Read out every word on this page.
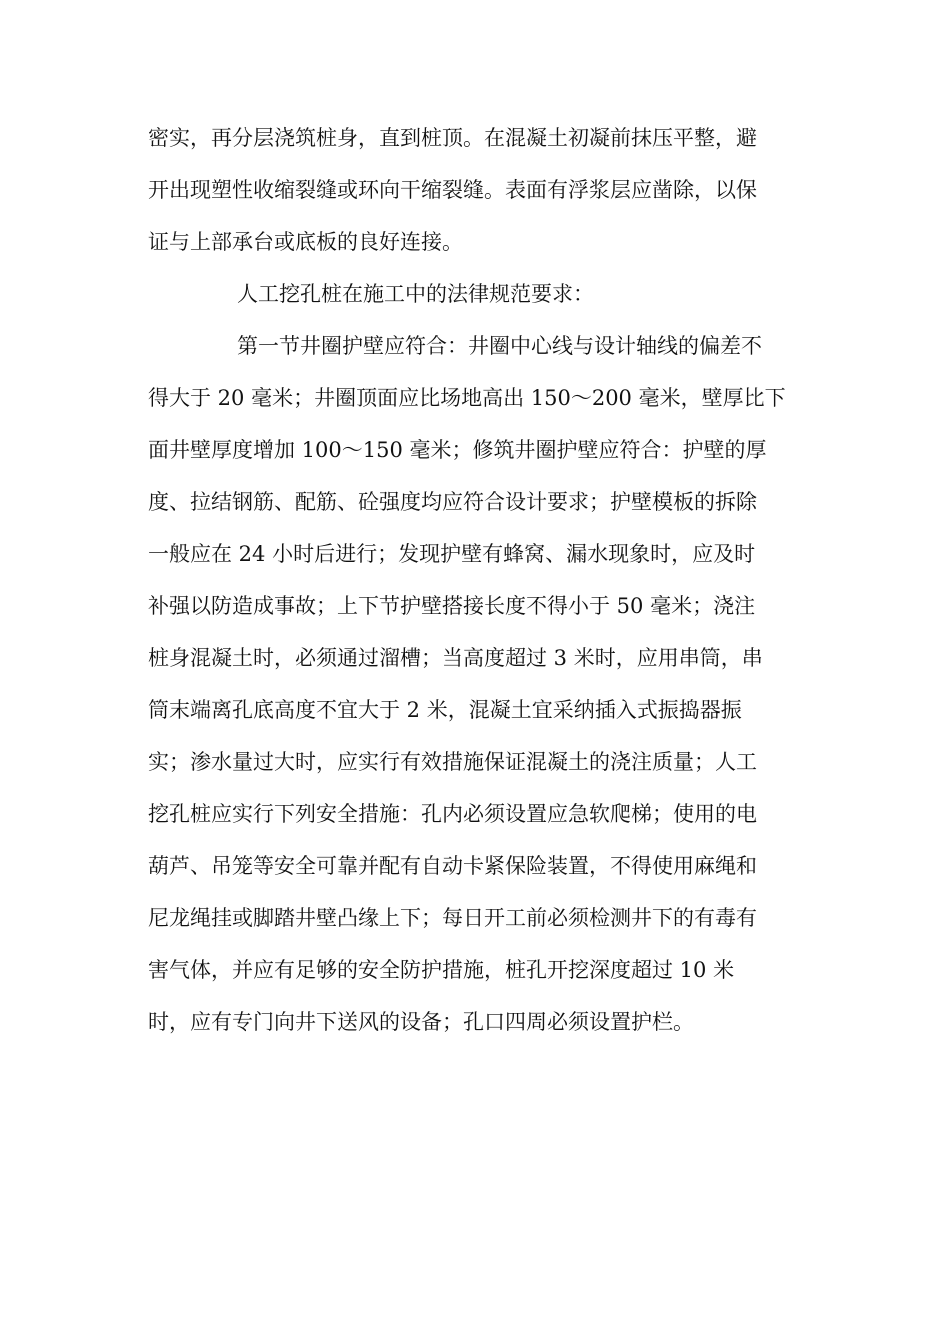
密实，再分层浇筑桩身，直到桩顶。在混凝土初凝前抹压平整，避
开出现塑性收缩裂缝或环向干缩裂缝。表面有浮浆层应凿除，以保
证与上部承台或底板的良好连接。
人工挖孔桩在施工中的法律规范要求：
第一节井圈护壁应符合：井圈中心线与设计轴线的偏差不
得大于 20 毫米；井圈顶面应比场地高出 150～200 毫米，壁厚比下
面井壁厚度增加 100～150 毫米；修筑井圈护壁应符合：护壁的厚
度、拉结钢筋、配筋、砼强度均应符合设计要求；护壁模板的拆除
一般应在 24 小时后进行；发现护壁有蜂窝、漏水现象时，应及时
补强以防造成事故；上下节护壁搭接长度不得小于 50 毫米；浇注
桩身混凝土时，必须通过溜槽；当高度超过 3 米时，应用串筒，串
筒末端离孔底高度不宜大于 2 米，混凝土宜采纳插入式振捣器振
实；渗水量过大时，应实行有效措施保证混凝土的浇注质量；人工
挖孔桩应实行下列安全措施：孔内必须设置应急软爬梯；使用的电
葫芦、吊笼等安全可靠并配有自动卡紧保险装置，不得使用麻绳和
尼龙绳挂或脚踏井壁凸缘上下；每日开工前必须检测井下的有毒有
害气体，并应有足够的安全防护措施，桩孔开挖深度超过 10 米
时，应有专门向井下送风的设备；孔口四周必须设置护栏。
